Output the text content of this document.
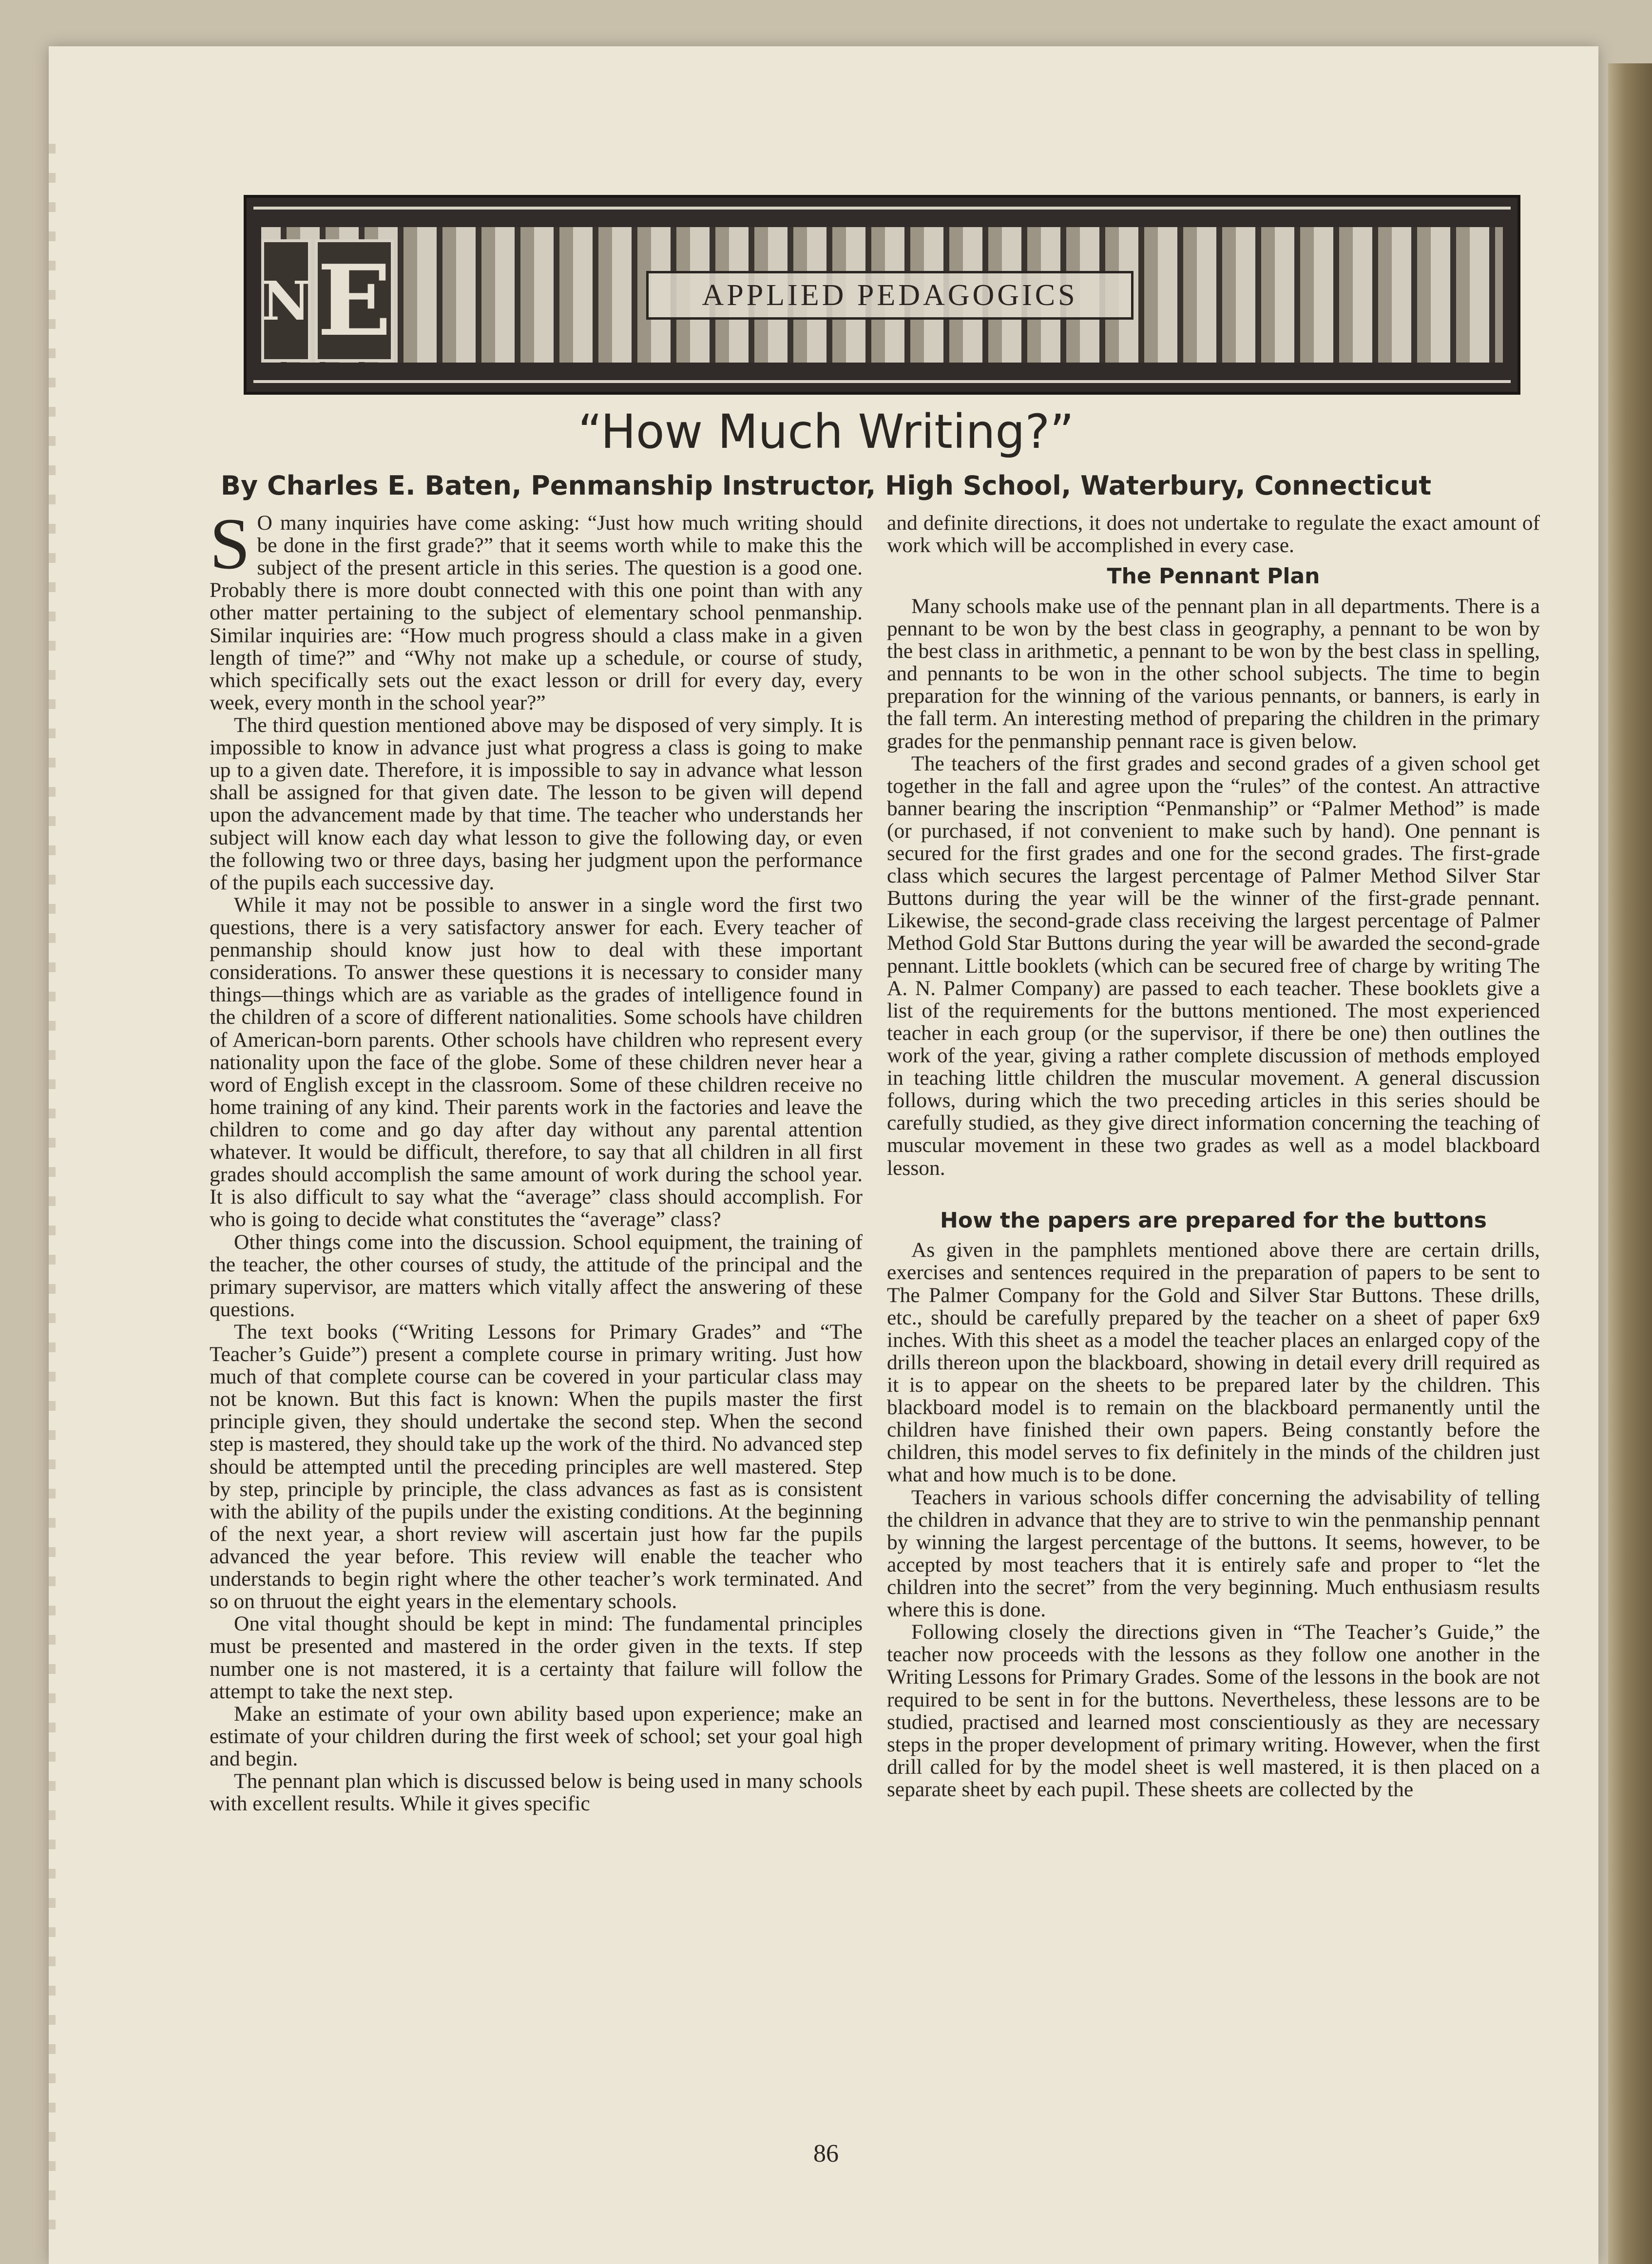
N E	APPLIED PEDAGOGICS
“How Much Writing?”
By Charles E. Baten, Penmanship Instructor, High School, Waterbury, Connecticut

S O many inquiries have come asking: “Just how much writing should be done in the first grade?” that it seems worth while to make this the subject of the present article in this series. The question is a good one. Probably there is more doubt connected with this one point than with any other matter pertaining to the subject of elementary school penmanship. Similar inquiries are: “How much progress should a class make in a given length of time?” and “Why not make up a schedule, or course of study, which specifically sets out the exact lesson or drill for every day, every week, every month in the school year?”

The third question mentioned above may be disposed of very simply. It is impossible to know in advance just what progress a class is going to make up to a given date. Therefore, it is impossible to say in advance what lesson shall be assigned for that given date. The lesson to be given will depend upon the advancement made by that time. The teacher who understands her subject will know each day what lesson to give the following day, or even the following two or three days, basing her judgment upon the performance of the pupils each successive day.

While it may not be possible to answer in a single word the first two questions, there is a very satisfactory answer for each. Every teacher of penmanship should know just how to deal with these important considerations. To answer these questions it is necessary to consider many things—things which are as variable as the grades of intelligence found in the children of a score of different nationalities. Some schools have children of American-born parents. Other schools have children who represent every nationality upon the face of the globe. Some of these children never hear a word of English except in the classroom. Some of these children receive no home training of any kind. Their parents work in the factories and leave the children to come and go day after day without any parental attention whatever. It would be difficult, therefore, to say that all children in all first grades should accomplish the same amount of work during the school year. It is also difficult to say what the “average” class should accomplish. For who is going to decide what constitutes the “average” class?

Other things come into the discussion. School equipment, the training of the teacher, the other courses of study, the attitude of the principal and the primary supervisor, are matters which vitally affect the answering of these questions.

The text books (“Writing Lessons for Primary Grades” and “The Teacher’s Guide”) present a complete course in primary writing. Just how much of that complete course can be covered in your particular class may not be known. But this fact is known: When the pupils master the first principle given, they should undertake the second step. When the second step is mastered, they should take up the work of the third. No advanced step should be attempted until the preceding principles are well mastered. Step by step, principle by principle, the class advances as fast as is consistent with the ability of the pupils under the existing conditions. At the beginning of the next year, a short review will ascertain just how far the pupils advanced the year before. This review will enable the teacher who understands to begin right where the other teacher’s work terminated. And so on thruout the eight years in the elementary schools.

One vital thought should be kept in mind: The fundamental principles must be presented and mastered in the order given in the texts. If step number one is not mastered, it is a certainty that failure will follow the attempt to take the next step.

Make an estimate of your own ability based upon experience; make an estimate of your children during the first week of school; set your goal high and begin.

The pennant plan which is discussed below is being used in many schools with excellent results. While it gives specific

and definite directions, it does not undertake to regulate the exact amount of work which will be accomplished in every case.

The Pennant Plan

Many schools make use of the pennant plan in all departments. There is a pennant to be won by the best class in geography, a pennant to be won by the best class in arithmetic, a pennant to be won by the best class in spelling, and pennants to be won in the other school subjects. The time to begin preparation for the winning of the various pennants, or banners, is early in the fall term. An interesting method of preparing the children in the primary grades for the penmanship pennant race is given below.

The teachers of the first grades and second grades of a given school get together in the fall and agree upon the “rules” of the contest. An attractive banner bearing the inscription “Penmanship” or “Palmer Method” is made (or purchased, if not convenient to make such by hand). One pennant is secured for the first grades and one for the second grades. The first-grade class which secures the largest percentage of Palmer Method Silver Star Buttons during the year will be the winner of the first-grade pennant. Likewise, the second-grade class receiving the largest percentage of Palmer Method Gold Star Buttons during the year will be awarded the second-grade pennant. Little booklets (which can be secured free of charge by writing The A. N. Palmer Company) are passed to each teacher. These booklets give a list of the requirements for the buttons mentioned. The most experienced teacher in each group (or the supervisor, if there be one) then outlines the work of the year, giving a rather complete discussion of methods employed in teaching little children the muscular movement. A general discussion follows, during which the two preceding articles in this series should be carefully studied, as they give direct information concerning the teaching of muscular movement in these two grades as well as a model blackboard lesson.

How the papers are prepared for the buttons

As given in the pamphlets mentioned above there are certain drills, exercises and sentences required in the preparation of papers to be sent to The Palmer Company for the Gold and Silver Star Buttons. These drills, etc., should be carefully prepared by the teacher on a sheet of paper 6x9 inches. With this sheet as a model the teacher places an enlarged copy of the drills thereon upon the blackboard, showing in detail every drill required as it is to appear on the sheets to be prepared later by the children. This blackboard model is to remain on the blackboard permanently until the children have finished their own papers. Being constantly before the children, this model serves to fix definitely in the minds of the children just what and how much is to be done.

Teachers in various schools differ concerning the advisability of telling the children in advance that they are to strive to win the penmanship pennant by winning the largest percentage of the buttons. It seems, however, to be accepted by most teachers that it is entirely safe and proper to “let the children into the secret” from the very beginning. Much enthusiasm results where this is done.

Following closely the directions given in “The Teacher’s Guide,” the teacher now proceeds with the lessons as they follow one another in the Writing Lessons for Primary Grades. Some of the lessons in the book are not required to be sent in for the buttons. Nevertheless, these lessons are to be studied, practised and learned most conscientiously as they are necessary steps in the proper development of primary writing. However, when the first drill called for by the model sheet is well mastered, it is then placed on a separate sheet by each pupil. These sheets are collected by the

86
